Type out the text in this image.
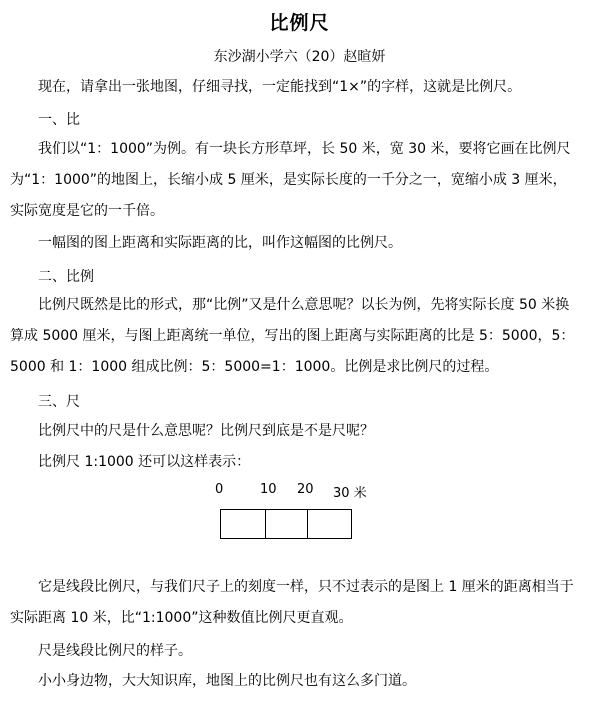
比例尺
东沙湖小学六（20）赵暄妍

现在，请拿出一张地图，仔细寻找，一定能找到“1×”的字样，这就是比例尺。

一、比

我们以“1：1000”为例。有一块长方形草坪，长 50 米，宽 30 米，要将它画在比例尺为“1：1000”的地图上，长缩小成 5 厘米，是实际长度的一千分之一，宽缩小成 3 厘米，实际宽度是它的一千倍。

一幅图的图上距离和实际距离的比，叫作这幅图的比例尺。

二、比例

比例尺既然是比的形式，那“比例”又是什么意思呢？以长为例，先将实际长度 50 米换算成 5000 厘米，与图上距离统一单位，写出的图上距离与实际距离的比是 5：5000，5：5000 和 1：1000 组成比例：5：5000=1：1000。比例是求比例尺的过程。

三、尺

比例尺中的尺是什么意思呢？比例尺到底是不是尺呢？

比例尺 1:1000 还可以这样表示：

0	10 20 30 米

它是线段比例尺，与我们尺子上的刻度一样，只不过表示的是图上 1 厘米的距离相当于实际距离 10 米，比“1:1000”这种数值比例尺更直观。

尺是线段比例尺的样子。

小小身边物，大大知识库，地图上的比例尺也有这么多门道。
